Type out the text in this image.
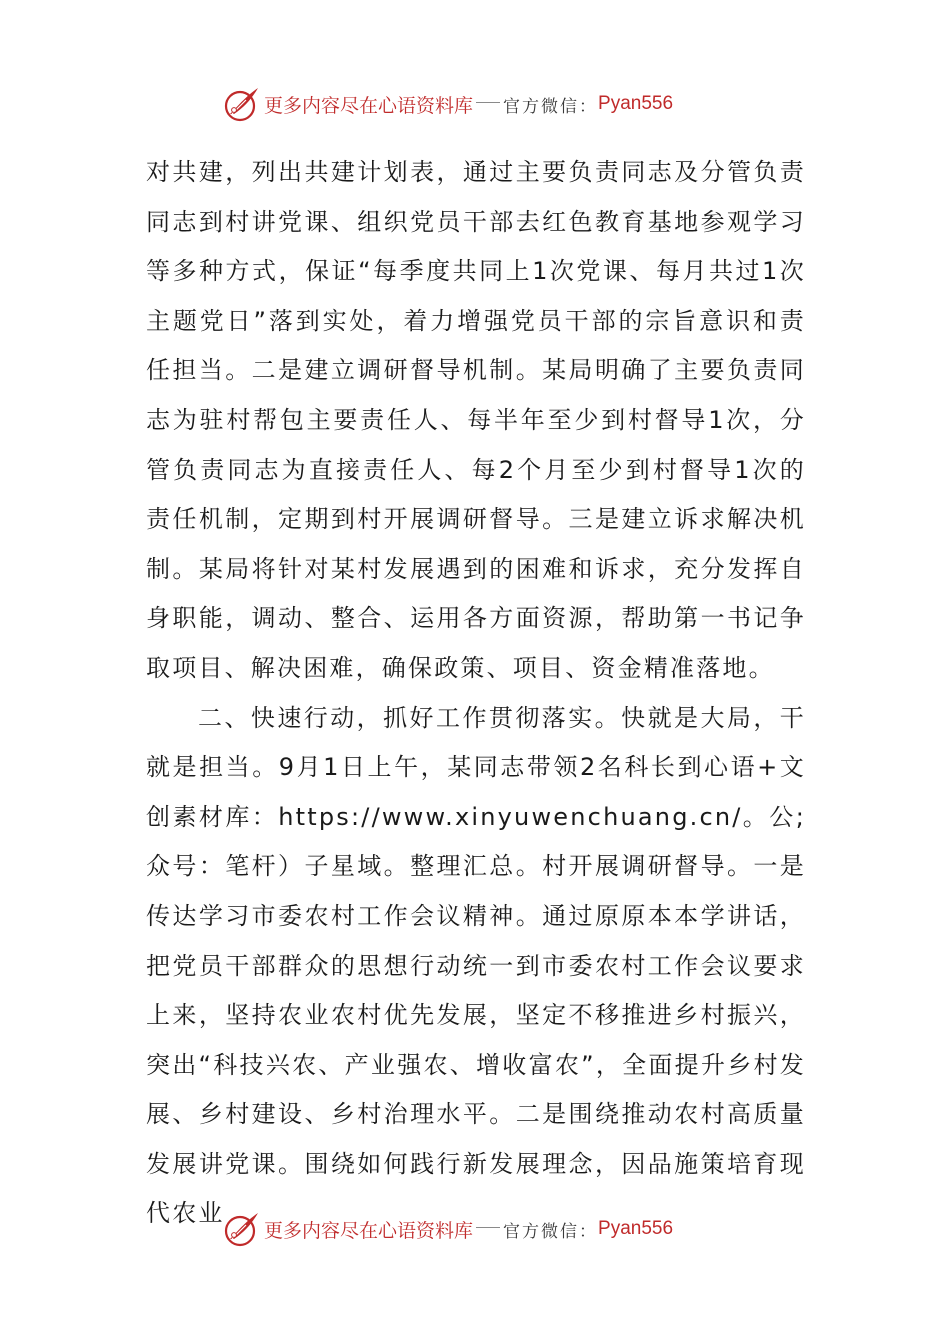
更多内容尽在心语资料库 官方微信： Pyan556

对共建，列出共建计划表，通过主要负责同志及分管负责同志到村讲党课、组织党员干部去红色教育基地参观学习等多种方式，保证“每季度共同上1次党课、每月共过1次主题党日”落到实处，着力增强党员干部的宗旨意识和责任担当。二是建立调研督导机制。某局明确了主要负责同志为驻村帮包主要责任人、每半年至少到村督导1次，分管负责同志为直接责任人、每2个月至少到村督导1次的责任机制，定期到村开展调研督导。三是建立诉求解决机制。某局将针对某村发展遇到的困难和诉求，充分发挥自身职能，调动、整合、运用各方面资源，帮助第一书记争取项目、解决困难，确保政策、项目、资金精准落地。

二、快速行动，抓好工作贯彻落实。快就是大局，干就是担当。9月1日上午，某同志带领2名科长到心语+文创素材库：https://www.xinyuwenchuang.cn/。公;众号：笔杆）子星域。整理汇总。村开展调研督导。一是传达学习市委农村工作会议精神。通过原原本本学讲话，把党员干部群众的思想行动统一到市委农村工作会议要求上来，坚持农业农村优先发展，坚定不移推进乡村振兴，突出“科技兴农、产业强农、增收富农”，全面提升乡村发展、乡村建设、乡村治理水平。二是围绕推动农村高质量发展讲党课。围绕如何践行新发展理念，因品施策培育现代农业

更多内容尽在心语资料库 官方微信： Pyan556
